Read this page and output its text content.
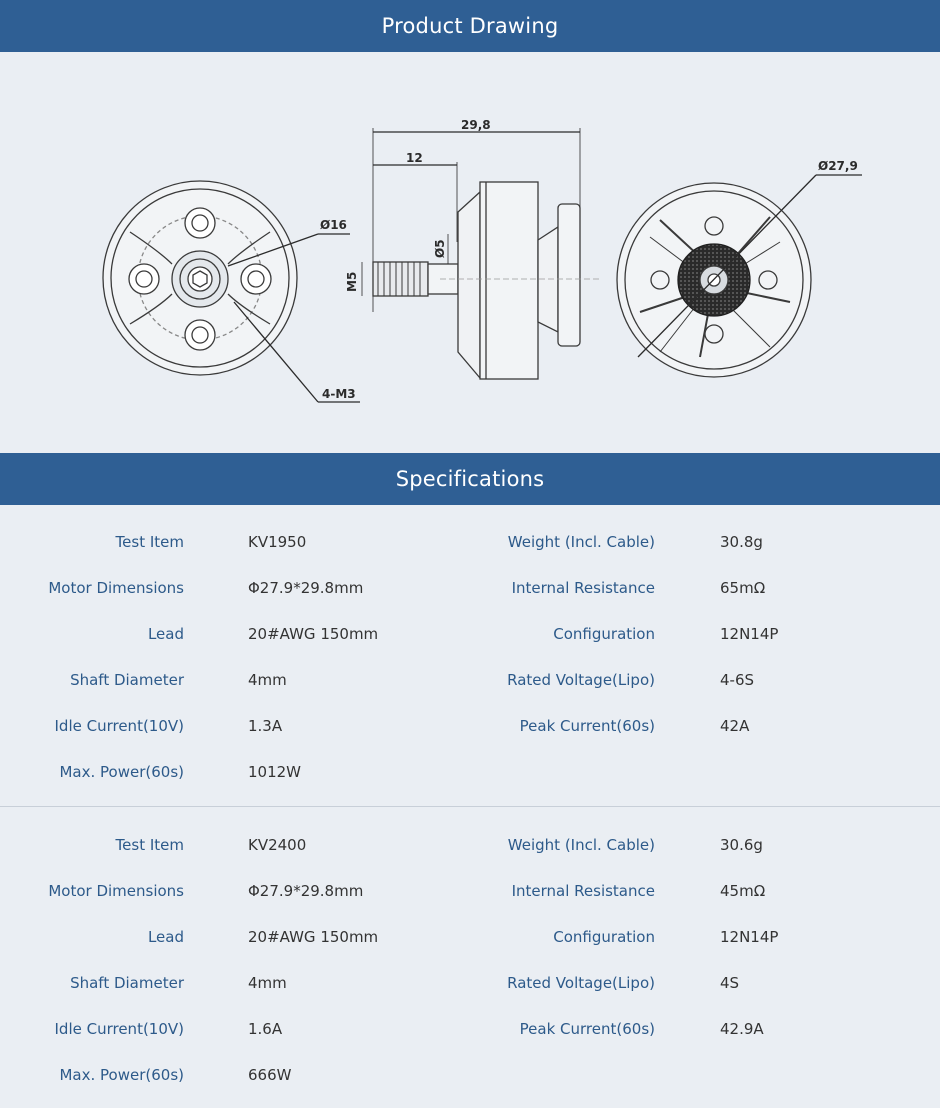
Product Drawing
Ø16
4-M3
29,8
12
Ø5
M5
Ø27,9
Specifications
Test Item	KV1950	Weight (Incl. Cable)	30.8g
Motor Dimensions	Φ27.9*29.8mm	Internal Resistance	65mΩ
Lead	20#AWG 150mm	Configuration	12N14P
Shaft Diameter	4mm	Rated Voltage(Lipo)	4-6S
Idle Current(10V)	1.3A	Peak Current(60s)	42A
Max. Power(60s)	1012W
Test Item	KV2400	Weight (Incl. Cable)	30.6g
Motor Dimensions	Φ27.9*29.8mm	Internal Resistance	45mΩ
Lead	20#AWG 150mm	Configuration	12N14P
Shaft Diameter	4mm	Rated Voltage(Lipo)	4S
Idle Current(10V)	1.6A	Peak Current(60s)	42.9A
Max. Power(60s)	666W
